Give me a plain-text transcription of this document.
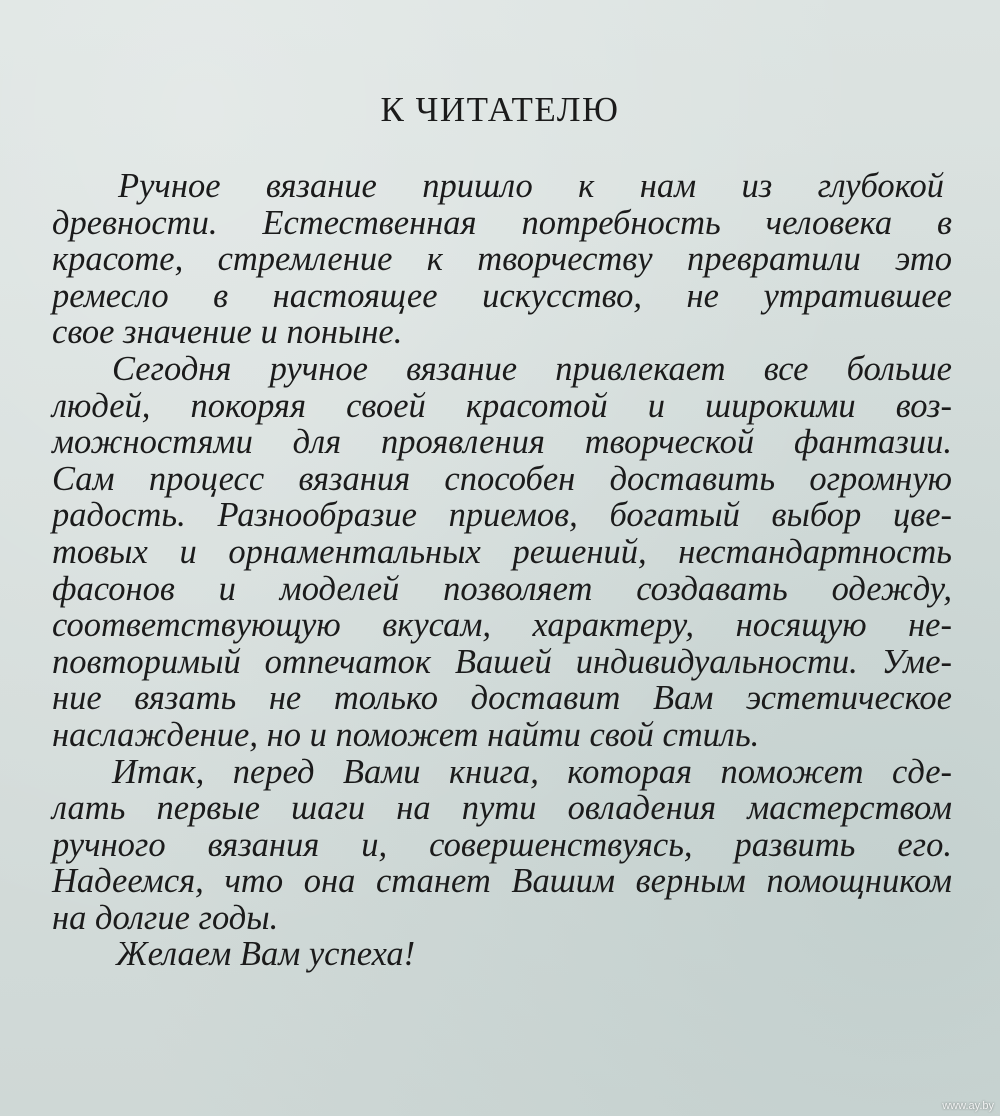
К ЧИТАТЕЛЮ

Ручное вязание пришло к нам из глубокой
древности. Естественная потребность человека в
красоте, стремление к творчеству превратили это
ремесло в настоящее искусство, не утратившее
свое значение и поныне.

Сегодня ручное вязание привлекает все больше
людей, покоряя своей красотой и широкими воз-
можностями для проявления творческой фантазии.
Сам процесс вязания способен доставить огромную
радость. Разнообразие приемов, богатый выбор цве-
товых и орнаментальных решений, нестандартность
фасонов и моделей позволяет создавать одежду,
соответствующую вкусам, характеру, носящую не-
повторимый отпечаток Вашей индивидуальности. Уме-
ние вязать не только доставит Вам эстетическое
наслаждение, но и поможет найти свой стиль.

Итак, перед Вами книга, которая поможет сде-
лать первые шаги на пути овладения мастерством
ручного вязания и, совершенствуясь, развить его.
Надеемся, что она станет Вашим верным помощником
на долгие годы.

Желаем Вам успеха!

www.ay.by
